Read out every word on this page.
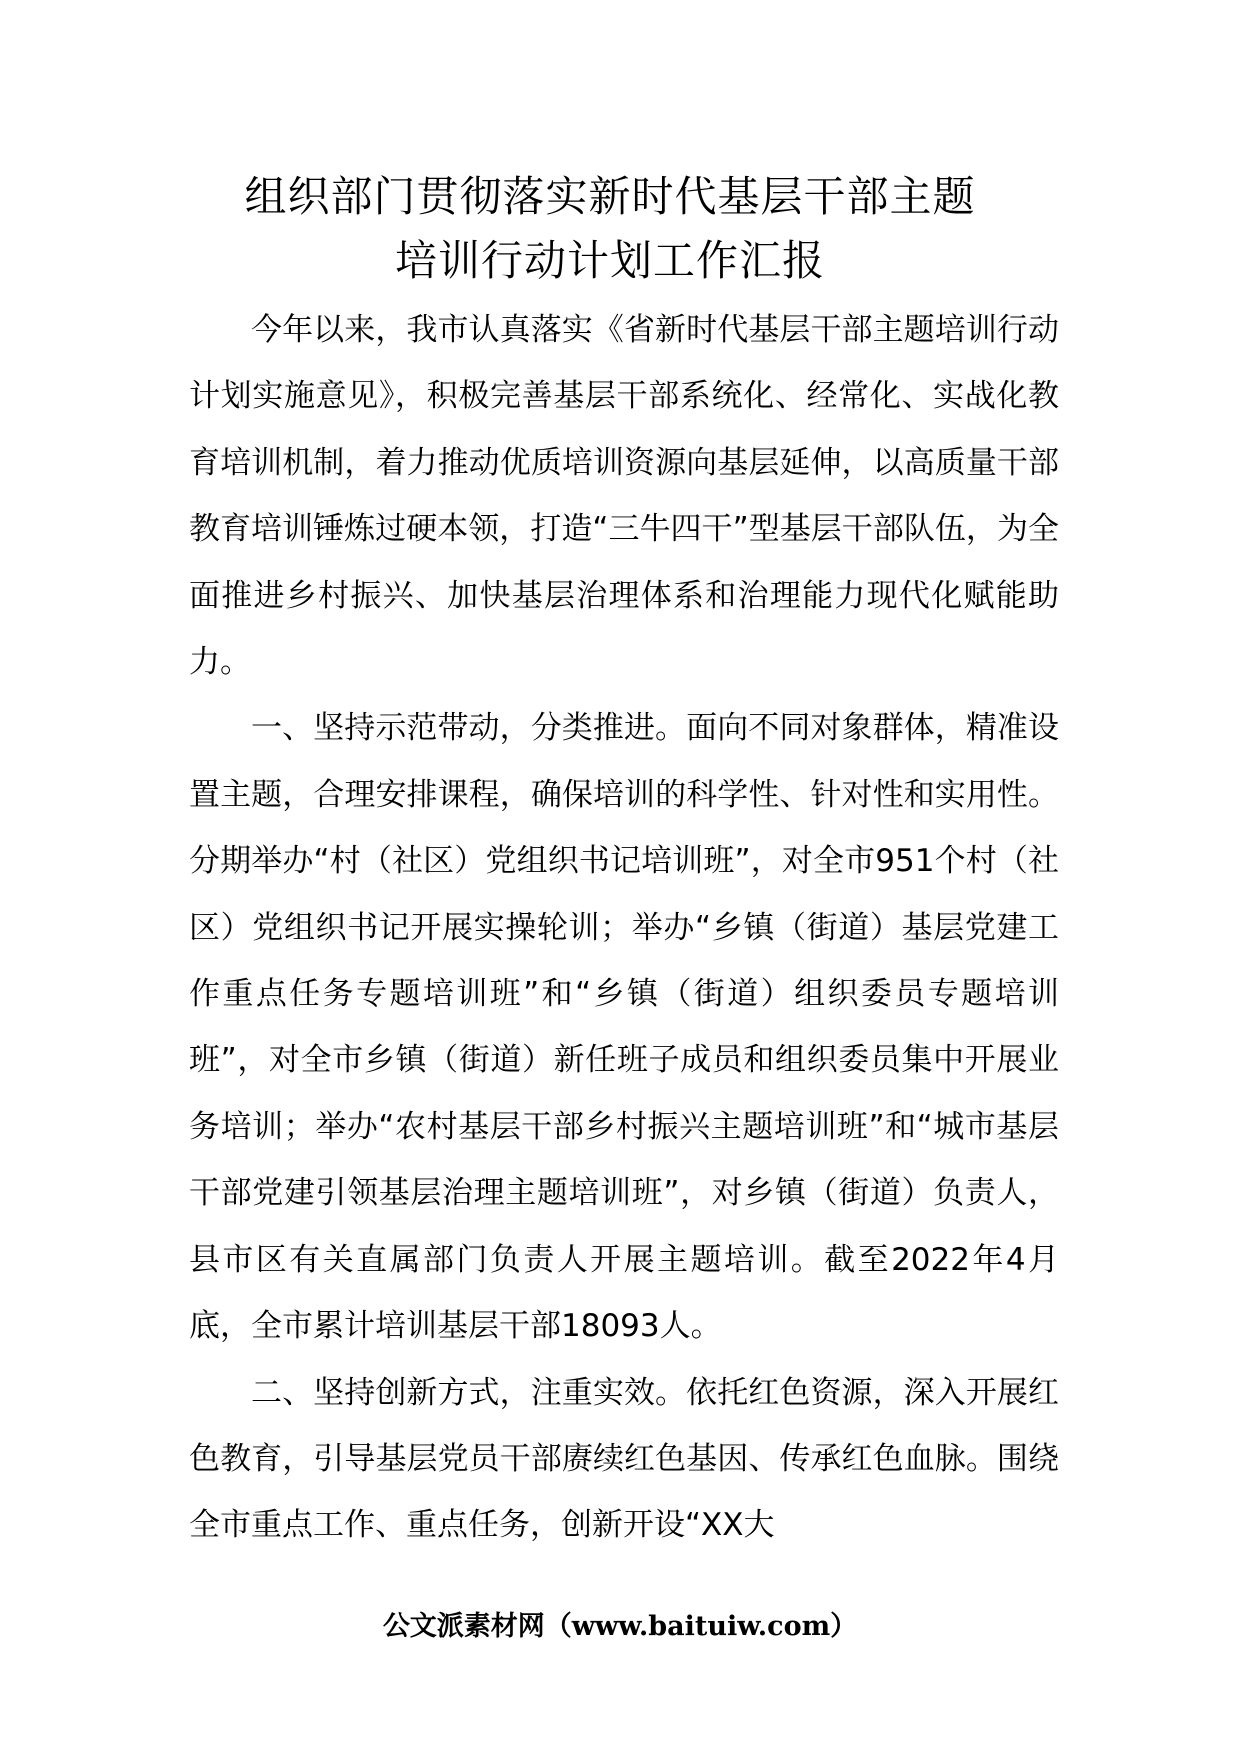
组织部门贯彻落实新时代基层干部主题
培训行动计划工作汇报

今年以来，我市认真落实《省新时代基层干部主题培训行动计划实施意见》，积极完善基层干部系统化、经常化、实战化教育培训机制，着力推动优质培训资源向基层延伸，以高质量干部教育培训锤炼过硬本领，打造“三牛四干”型基层干部队伍，为全面推进乡村振兴、加快基层治理体系和治理能力现代化赋能助力。

一、坚持示范带动，分类推进。面向不同对象群体，精准设置主题，合理安排课程，确保培训的科学性、针对性和实用性。分期举办“村（社区）党组织书记培训班”，对全市951个村（社区）党组织书记开展实操轮训；举办“乡镇（街道）基层党建工作重点任务专题培训班”和“乡镇（街道）组织委员专题培训班”，对全市乡镇（街道）新任班子成员和组织委员集中开展业务培训；举办“农村基层干部乡村振兴主题培训班”和“城市基层干部党建引领基层治理主题培训班”，对乡镇（街道）负责人，县市区有关直属部门负责人开展主题培训。截至2022年4月底，全市累计培训基层干部18093人。

二、坚持创新方式，注重实效。依托红色资源，深入开展红色教育，引导基层党员干部赓续红色基因、传承红色血脉。围绕全市重点工作、重点任务，创新开设“XX大

公文派素材网（www.baituiw.com）
